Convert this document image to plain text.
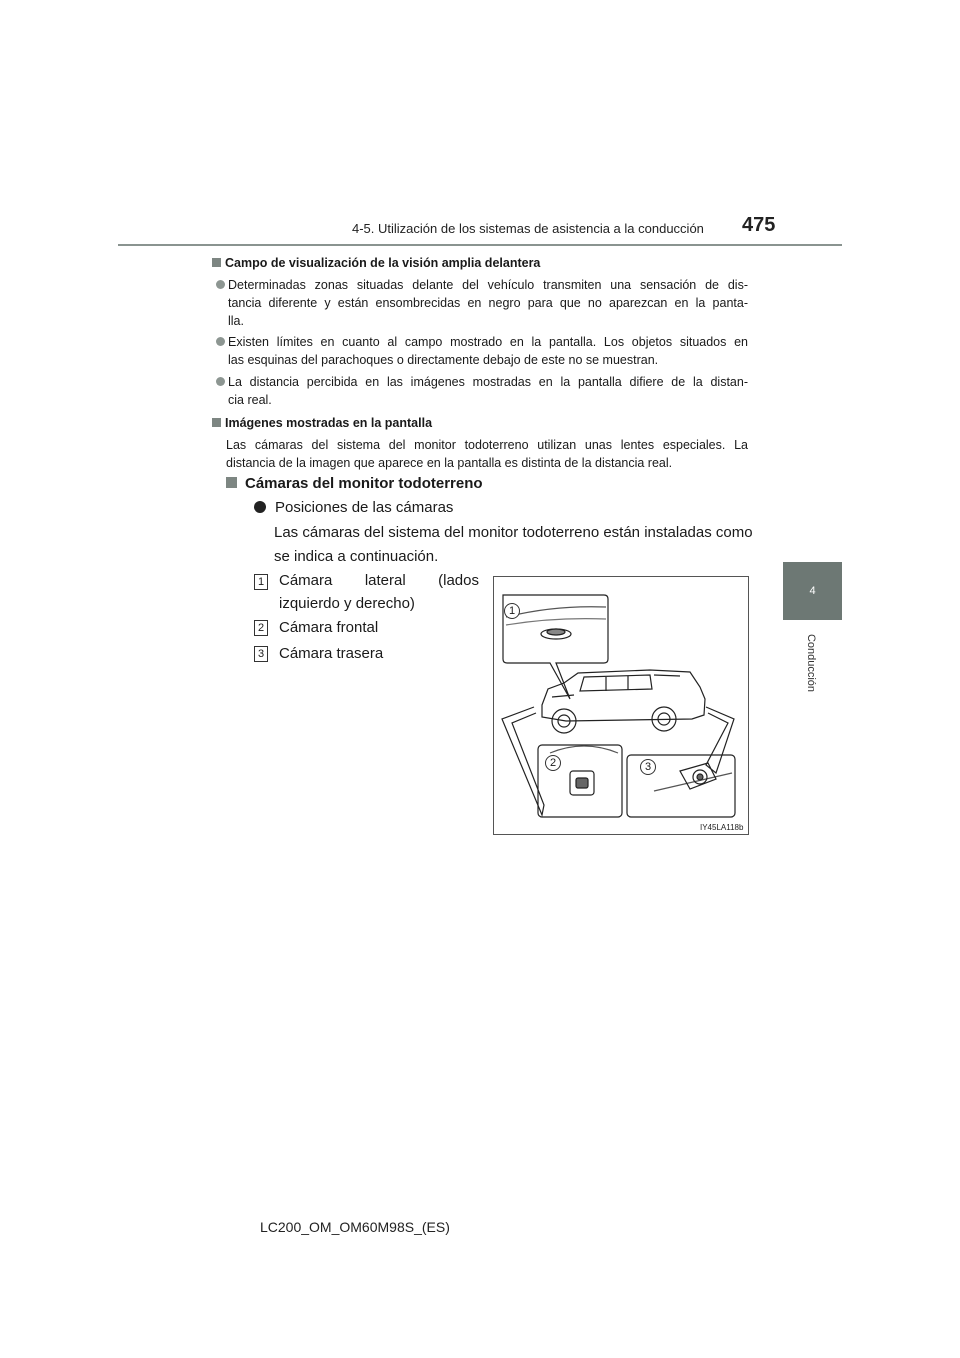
4-5. Utilización de los sistemas de asistencia a la conducción 475
4
Conducción
Campo de visualización de la visión amplia delantera
Determinadas zonas situadas delante del vehículo transmiten una sensación de dis-
tancia diferente y están ensombrecidas en negro para que no aparezcan en la panta-
lla.
Existen límites en cuanto al campo mostrado en la pantalla. Los objetos situados en
las esquinas del parachoques o directamente debajo de este no se muestran.
La distancia percibida en las imágenes mostradas en la pantalla difiere de la distan-
cia real.
Imágenes mostradas en la pantalla
Las cámaras del sistema del monitor todoterreno utilizan unas lentes especiales. La
distancia de la imagen que aparece en la pantalla es distinta de la distancia real.
Cámaras del monitor todoterreno
Posiciones de las cámaras
Las cámaras del sistema del monitor todoterreno están instaladas como
se indica a continuación.
1 Cámara lateral (lados
izquierdo y derecho)
2 Cámara frontal
3 Cámara trasera
1
2	3
IY45LA118b
LC200_OM_OM60M98S_(ES)
